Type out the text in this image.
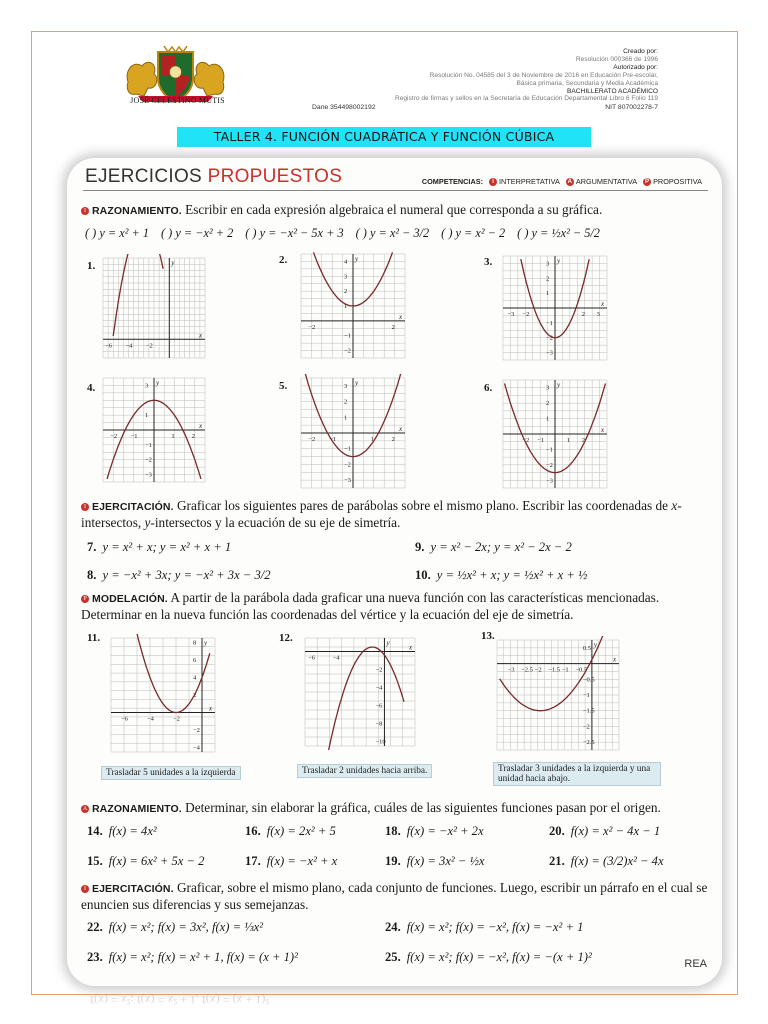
JOSÉ CELESTINO MUTIS
Creado por:
Resolución 000366 de 1996
Autorizado por:
Resolución No. 04585 del 3 de Noviembre de 2016 en Educación Pre-escolar,
Básica primaria, Secundaria y Media Académica
BACHILLERATO ACADÉMICO
Registro de firmas y sellos en la Secretaría de Educación Departamental Libro 6 Folio 119
Dane 354498002192	NIT 807002278-7
TALLER 4. FUNCIÓN CUADRÁTICA Y FUNCIÓN CÚBICA
EJERCICIOS PROPUESTOS	COMPETENCIAS: I INTERPRETATIVA A ARGUMENTATIVA P PROPOSITIVA
I RAZONAMIENTO. Escribir en cada expresión algebraica el numeral que corresponda a su gráfica.
( ) y = x² + 1 ( ) y = −x² + 2 ( ) y = −x² − 5x + 3 ( ) y = x² − 3/2 ( ) y = x² − 2 ( ) y = ½x² − 5/2
1.	2.	3.
4.	5.	6.
x
y
−2
−4
−6
x
y
−2	2
4
3
2
1
−1
−2
x
y
−3 −2	2 3
3
2
1
−1
−2
−3
x
y
−2 −1	1	2
3
1
−1
−2
−3
x
y
−2 −1	1	2
3
2
1
−1
−2
−3
x
y
−2 −1	1 2
3
2
1
−1
−2
−3
I EJERCITACIÓN. Graficar los siguientes pares de parábolas sobre el mismo plano. Escribir las coordenadas de x-intersectos, y-intersectos y la ecuación de su eje de simetría.
7. y = x² + x; y = x² + x + 1	9. y = x² − 2x; y = x² − 2x − 2
8. y = −x² + 3x; y = −x² + 3x − 3/2	10. y = ½x² + x; y = ½x² + x + ½
P MODELACIÓN. A partir de la parábola dada graficar una nueva función con las características mencionadas. Determinar en la nueva función las coordenadas del vértice y la ecuación del eje de simetría.
11.	12.	13.
x
y
−6	−4	−2
8
6
4
2
−2
−4
x
y
−6	−4
−2
−4
−6
−8
−10
x
y
−3 −2.5 −2 −1.5 −1 −0.5
0.5
−0.5
−1
−1.5
−2
−2.5
Trasladar 5 unidades a la izquierda	Trasladar 2 unidades hacia arriba.	Trasladar 3 unidades a la izquierda y una unidad hacia abajo.
A RAZONAMIENTO. Determinar, sin elaborar la gráfica, cuáles de las siguientes funciones pasan por el origen.
14. f(x) = 4x²	16. f(x) = 2x² + 5	18. f(x) = −x² + 2x	20. f(x) = x² − 4x − 1
15. f(x) = 6x² + 5x − 2	17. f(x) = −x² + x	19. f(x) = 3x² − ½x	21. f(x) = (3/2)x² − 4x
I EJERCITACIÓN. Graficar, sobre el mismo plano, cada conjunto de funciones. Luego, escribir un párrafo en el cual se enuncien sus diferencias y sus semejanzas.
22. f(x) = x²; f(x) = 3x², f(x) = ⅓x²	24. f(x) = x²; f(x) = −x², f(x) = −x² + 1
23. f(x) = x²; f(x) = x² + 1, f(x) = (x + 1)²	25. f(x) = x²; f(x) = −x², f(x) = −(x + 1)²	REA
f(x) = x²; f(x) = x² + 1, f(x) = (x + 1)²
